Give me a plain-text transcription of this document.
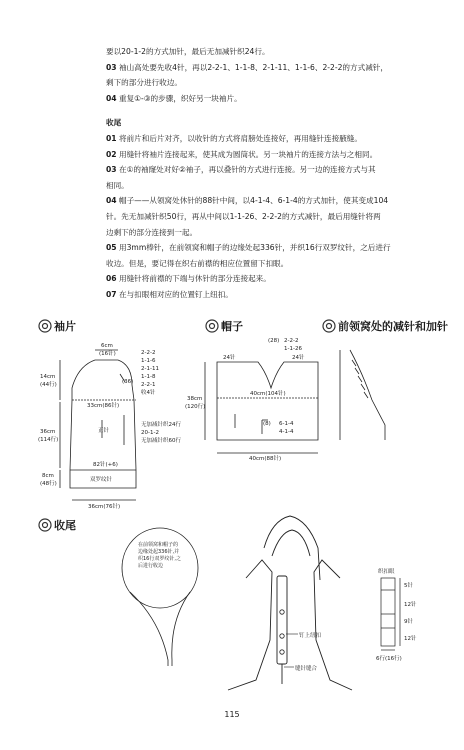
要以20-1-2的方式加针，最后无加减针织24行。

03 袖山高处要先收4针，再以2-2-1、1-1-8、2-1-11、1-1-6、2-2-2的方式减针，

剩下的部分进行收边。

04 重复①-③的步骤，织好另一块袖片。

收尾

01 将前片和后片对齐，以收针的方式将肩膀处连接好，再用缝针连接腋缝。

02 用缝针将袖片连接起来，使其成为圆筒状。另一块袖片的连接方法与之相同。

03 在①的袖窿处对好②袖子，再以叠针的方式进行连接。另一边的连接方式与其

相同。

04 帽子——从领窝处休针的88针中间，以4-1-4、6-1-4的方式加针，使其变成104

针。先无加减针织50行，再从中间以1-1-26、2-2-2的方式减针，最后用缝针将两

边剩下的部分连接到一起。

05 用3mm棒针，在前领窝和帽子的边缘处起336针，并织16行双罗纹针，之后进行

收边。但是，要记得在织右前襟的相应位置留下扣眼。

06 用缝针将前襟的下端与休针的部分连接起来。

07 在与扣眼相对应的位置钉上纽扣。

袖片	帽子	前领窝处的减针和加针
收尾
6cm
(16针)	2-2-2
1-1-6
2-1-11
1-1-8
2-2-1
收4针
14cm
(44行)	(36)
33cm(86针)
正针
无加减针织24行
20-1-2
无加减针织60行
36cm
(114行)
82针(+6)
双罗纹针
8cm
(48行)
36cm(76针)
(28) 2-2-2
1-1-26
24针	24针
38cm
(120行)
40cm(104针)
(8) 6-1-4
4-1-4
40cm(88针)
在前领窝和帽子的
边缘处起336针,并
织16行双罗纹针,之
后进行收边
钉上纽扣
缝针缝合
织扣眼
5针
12针
9针
12针
6行(16行)
115
